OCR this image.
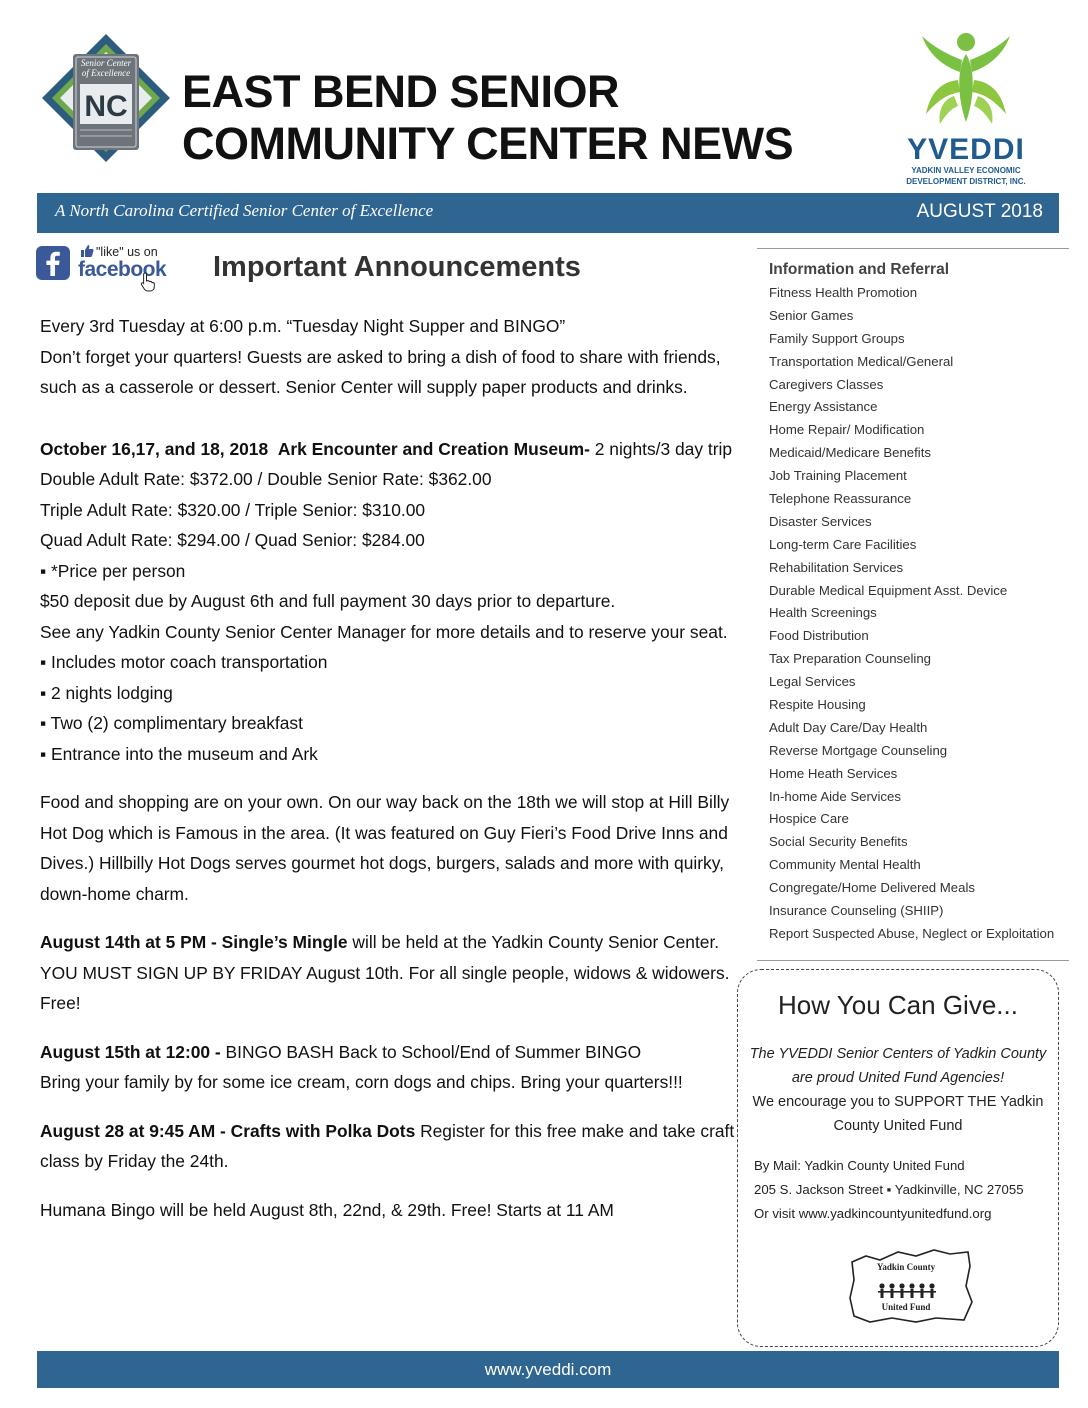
Senior Center
of Excellence
NC EAST BEND SENIOR
COMMUNITY CENTER NEWS	YVEDDI
YADKIN VALLEY ECONOMIC
DEVELOPMENT DISTRICT, INC.
A North Carolina Certified Senior Center of Excellence	AUGUST 2018
"like" us on
facebook Important Announcements

Every 3rd Tuesday at 6:00 p.m. “Tuesday Night Supper and BINGO”

Don’t forget your quarters! Guests are asked to bring a dish of food to share with friends, such as a casserole or dessert. Senior Center will supply paper products and drinks.

October 16,17, and 18, 2018 Ark Encounter and Creation Museum- 2 nights/3 day trip

Double Adult Rate: $372.00 / Double Senior Rate: $362.00

Triple Adult Rate: $320.00 / Triple Senior: $310.00

Quad Adult Rate: $294.00 / Quad Senior: $284.00

▪ *Price per person

$50 deposit due by August 6th and full payment 30 days prior to departure.

See any Yadkin County Senior Center Manager for more details and to reserve your seat.

▪ Includes motor coach transportation

▪ 2 nights lodging

▪ Two (2) complimentary breakfast

▪ Entrance into the museum and Ark

Food and shopping are on your own. On our way back on the 18th we will stop at Hill Billy Hot Dog which is Famous in the area. (It was featured on Guy Fieri’s Food Drive Inns and Dives.) Hillbilly Hot Dogs serves gourmet hot dogs, burgers, salads and more with quirky, down-home charm.

August 14th at 5 PM - Single’s Mingle will be held at the Yadkin County Senior Center. YOU MUST SIGN UP BY FRIDAY August 10th. For all single people, widows & widowers. Free!

August 15th at 12:00 - BINGO BASH Back to School/End of Summer BINGO

Bring your family by for some ice cream, corn dogs and chips. Bring your quarters!!!

August 28 at 9:45 AM - Crafts with Polka Dots Register for this free make and take craft class by Friday the 24th.

Humana Bingo will be held August 8th, 22nd, & 29th. Free! Starts at 11 AM

Information and Referral
Fitness Health Promotion
Senior Games
Family Support Groups
Transportation Medical/General
Caregivers Classes
Energy Assistance
Home Repair/ Modification
Medicaid/Medicare Benefits
Job Training Placement
Telephone Reassurance
Disaster Services
Long-term Care Facilities
Rehabilitation Services
Durable Medical Equipment Asst. Device
Health Screenings
Food Distribution
Tax Preparation Counseling
Legal Services
Respite Housing
Adult Day Care/Day Health
Reverse Mortgage Counseling
Home Heath Services
In-home Aide Services
Hospice Care
Social Security Benefits
Community Mental Health
Congregate/Home Delivered Meals
Insurance Counseling (SHIIP)
Report Suspected Abuse, Neglect or Exploitation
How You Can Give...
The YVEDDI Senior Centers of Yadkin County are proud United Fund Agencies!
We encourage you to SUPPORT THE Yadkin County United Fund
By Mail: Yadkin County United Fund
205 S. Jackson Street ▪ Yadkinville, NC 27055
Or visit www.yadkincountyunitedfund.org
Yadkin County
United Fund
www.yveddi.com
